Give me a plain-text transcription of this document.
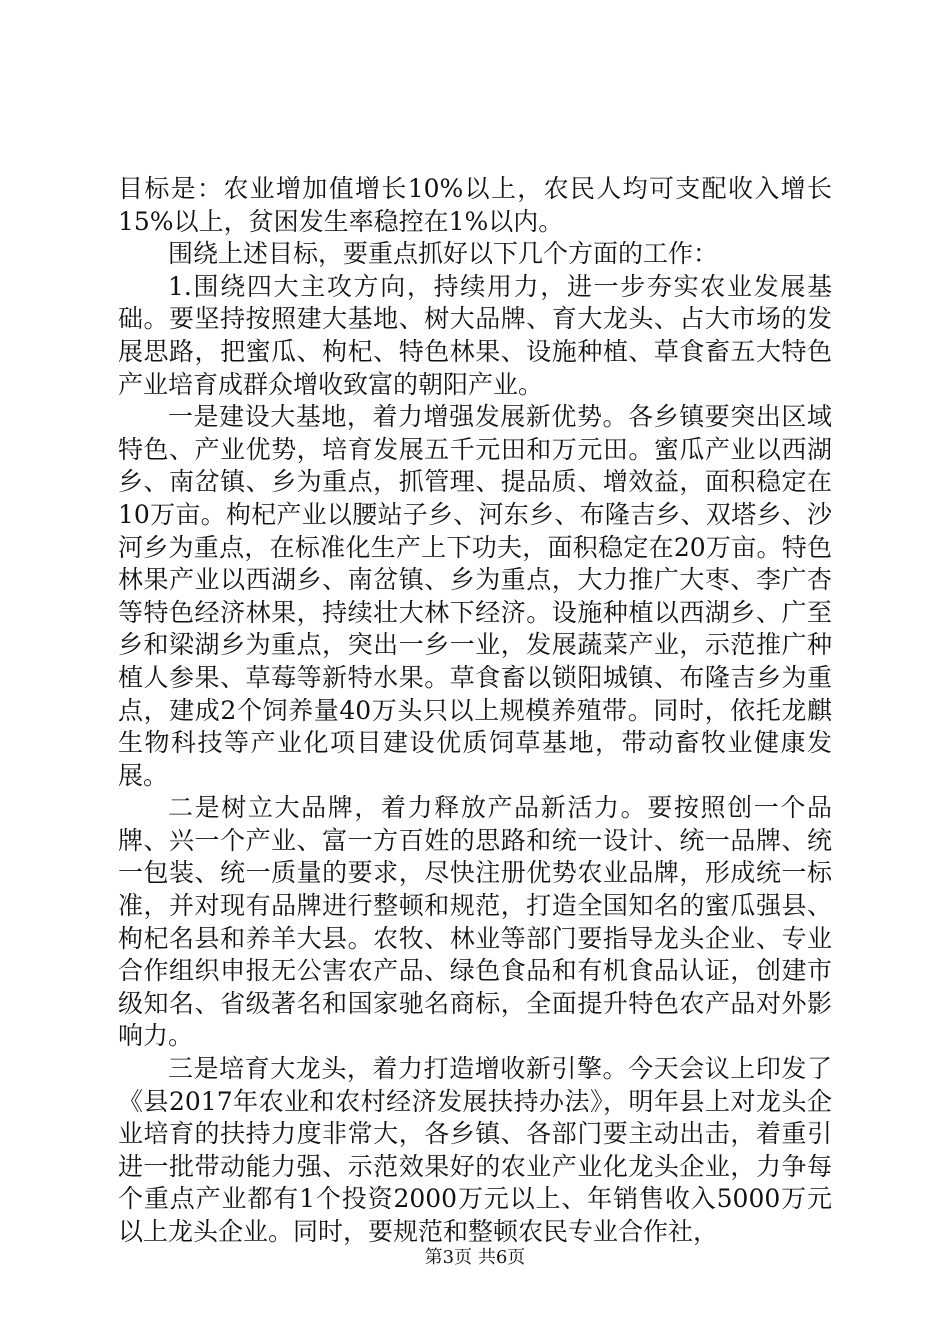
目标是：农业增加值增长10%以上，农民人均可支配收入增长15%以上，贫困发生率稳控在1%以内。

围绕上述目标，要重点抓好以下几个方面的工作：

1.围绕四大主攻方向，持续用力，进一步夯实农业发展基础。要坚持按照建大基地、树大品牌、育大龙头、占大市场的发展思路，把蜜瓜、枸杞、特色林果、设施种植、草食畜五大特色产业培育成群众增收致富的朝阳产业。

一是建设大基地，着力增强发展新优势。各乡镇要突出区域特色、产业优势，培育发展五千元田和万元田。蜜瓜产业以西湖乡、南岔镇、乡为重点，抓管理、提品质、增效益，面积稳定在10万亩。枸杞产业以腰站子乡、河东乡、布隆吉乡、双塔乡、沙河乡为重点，在标准化生产上下功夫，面积稳定在20万亩。特色林果产业以西湖乡、南岔镇、乡为重点，大力推广大枣、李广杏等特色经济林果，持续壮大林下经济。设施种植以西湖乡、广至乡和梁湖乡为重点，突出一乡一业，发展蔬菜产业，示范推广种植人参果、草莓等新特水果。草食畜以锁阳城镇、布隆吉乡为重点，建成2个饲养量40万头只以上规模养殖带。同时，依托龙麒生物科技等产业化项目建设优质饲草基地，带动畜牧业健康发展。

二是树立大品牌，着力释放产品新活力。要按照创一个品牌、兴一个产业、富一方百姓的思路和统一设计、统一品牌、统一包装、统一质量的要求，尽快注册优势农业品牌，形成统一标准，并对现有品牌进行整顿和规范，打造全国知名的蜜瓜强县、枸杞名县和养羊大县。农牧、林业等部门要指导龙头企业、专业合作组织申报无公害农产品、绿色食品和有机食品认证，创建市级知名、省级著名和国家驰名商标，全面提升特色农产品对外影响力。

三是培育大龙头，着力打造增收新引擎。今天会议上印发了《县2017年农业和农村经济发展扶持办法》，明年县上对龙头企业培育的扶持力度非常大，各乡镇、各部门要主动出击，着重引进一批带动能力强、示范效果好的农业产业化龙头企业，力争每个重点产业都有1个投资2000万元以上、年销售收入5000万元以上龙头企业。同时，要规范和整顿农民专业合作社，

第3页 共6页
